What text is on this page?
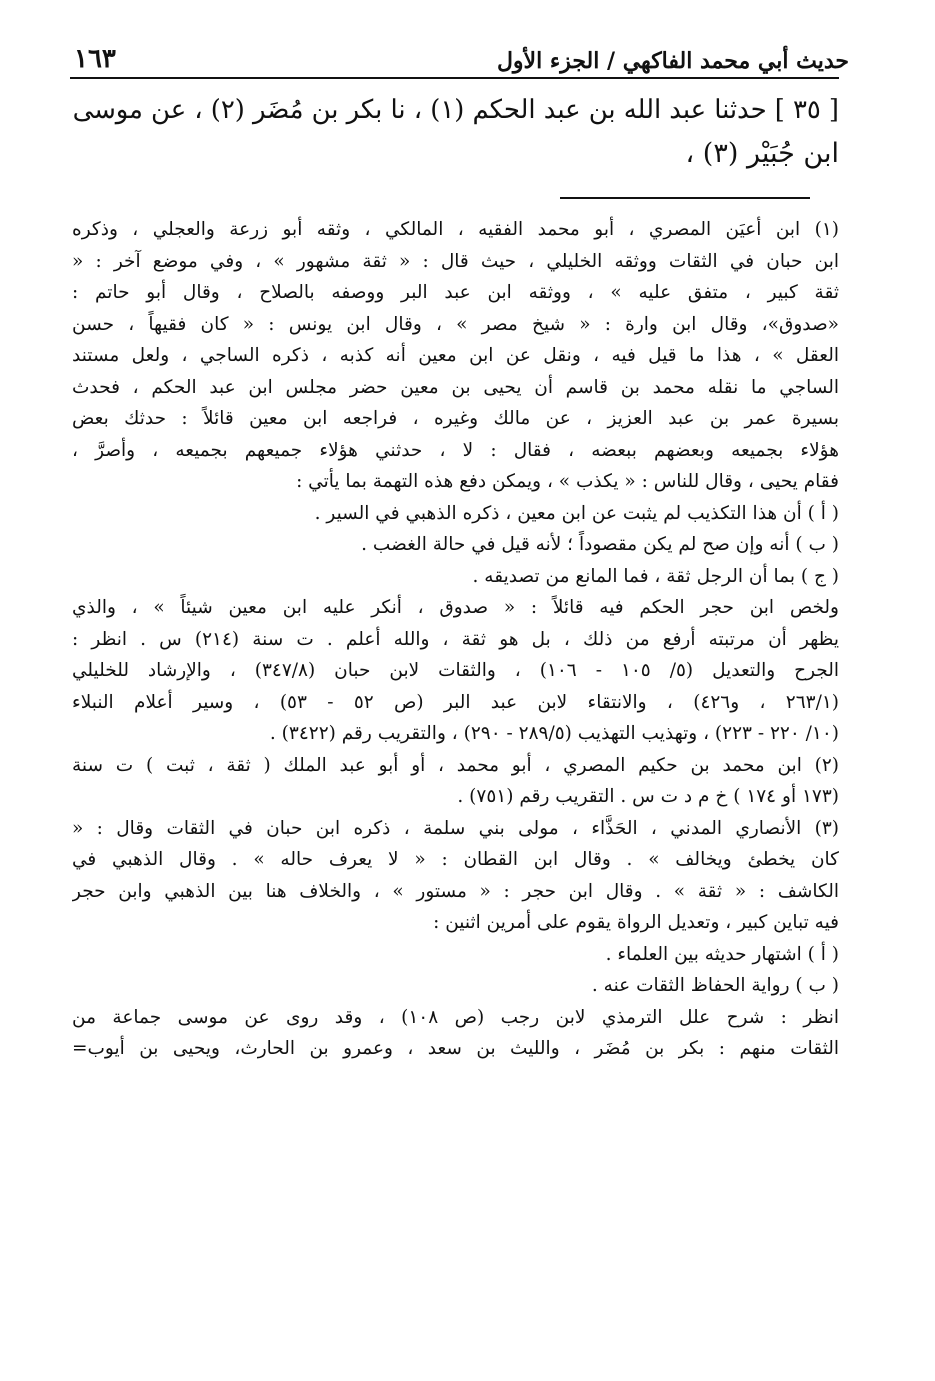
حديث أبي محمد الفاكهي / الجزء الأول
١٦٣
[ ٣٥ ] حدثنا عبد الله بن عبد الحكم (١) ، نا بكر بن مُضَر (٢) ، عن موسى
ابن جُبَيْر (٣) ،
(١) ابن أعيَن المصري ، أبو محمد الفقيه ، المالكي ، وثقه أبو زرعة والعجلي ، وذكره
ابن حبان في الثقات ووثقه الخليلي ، حيث قال : « ثقة مشهور » ، وفي موضع آخر : «
ثقة كبير ، متفق عليه » ، ووثقه ابن عبد البر ووصفه بالصلاح ، وقال أبو حاتم :
«صدوق»، وقال ابن وارة : « شيخ مصر » ، وقال ابن يونس : « كان فقيهاً ، حسن
العقل » ، هذا ما قيل فيه ، ونقل عن ابن معين أنه كذبه ، ذكره الساجي ، ولعل مستند
الساجي ما نقله محمد بن قاسم أن يحيى بن معين حضر مجلس ابن عبد الحكم ، فحدث
بسيرة عمر بن عبد العزيز ، عن مالك وغيره ، فراجعه ابن معين قائلاً : حدثك بعض
هؤلاء بجميعه وبعضهم ببعضه ، فقال : لا ، حدثني هؤلاء جميعهم بجميعه ، وأصرَّ ،
فقام يحيى ، وقال للناس : « يكذب » ، ويمكن دفع هذه التهمة بما يأتي :
( أ ) أن هذا التكذيب لم يثبت عن ابن معين ، ذكره الذهبي في السير .
( ب ) أنه وإن صح لم يكن مقصوداً ؛ لأنه قيل في حالة الغضب .
( ج ) بما أن الرجل ثقة ، فما المانع من تصديقه .
ولخص ابن حجر الحكم فيه قائلاً : « صدوق ، أنكر عليه ابن معين شيئاً » ، والذي
يظهر أن مرتبته أرفع من ذلك ، بل هو ثقة ، والله أعلم . ت سنة (٢١٤) س . انظر :
الجرح والتعديل (٥/ ١٠٥ - ١٠٦) ، والثقات لابن حبان (٣٤٧/٨) ، والإرشاد للخليلي
(٢٦٣/١ ، و٤٢٦) ، والانتقاء لابن عبد البر (ص ٥٢ - ٥٣) ، وسير أعلام النبلاء
(١٠/ ٢٢٠ - ٢٢٣) ، وتهذيب التهذيب (٢٨٩/٥ - ٢٩٠) ، والتقريب رقم (٣٤٢٢) .
(٢) ابن محمد بن حكيم المصري ، أبو محمد ، أو أبو عبد الملك ( ثقة ، ثبت ) ت سنة
(١٧٣ أو ١٧٤ ) خ م د ت س . التقريب رقم (٧٥١) .
(٣) الأنصاري المدني ، الحَذَّاء ، مولى بني سلمة ، ذكره ابن حبان في الثقات وقال : «
كان يخطئ ويخالف » . وقال ابن القطان : « لا يعرف حاله » . وقال الذهبي في
الكاشف : « ثقة » . وقال ابن حجر : « مستور » ، والخلاف هنا بين الذهبي وابن حجر
فيه تباين كبير ، وتعديل الرواة يقوم على أمرين اثنين :
( أ ) اشتهار حديثه بين العلماء .
( ب ) رواية الحفاظ الثقات عنه .
انظر : شرح علل الترمذي لابن رجب (ص ١٠٨) ، وقد روى عن موسى جماعة من
الثقات منهم : بكر بن مُضَر ، والليث بن سعد ، وعمرو بن الحارث، ويحيى بن أيوب=
